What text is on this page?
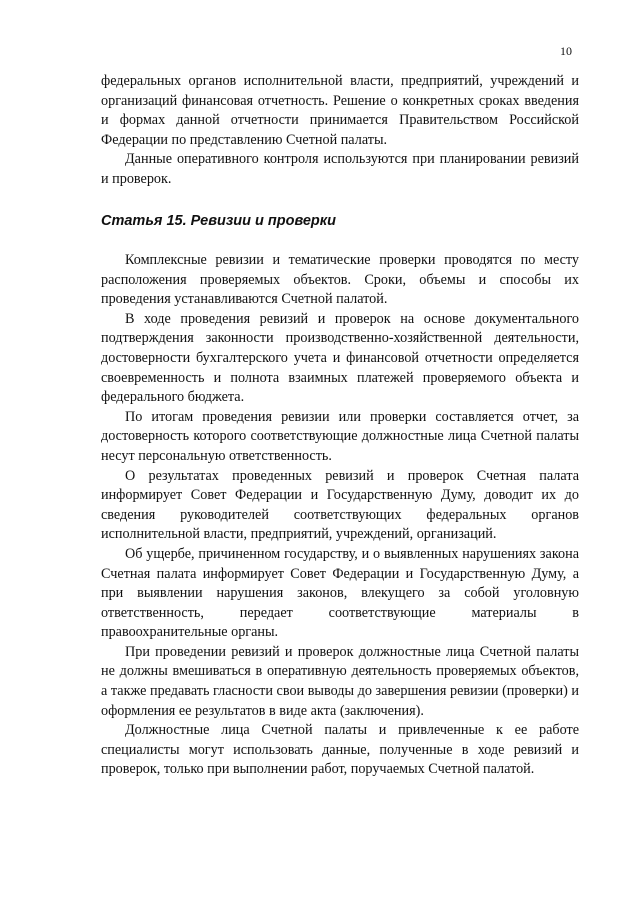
10

федеральных органов исполнительной власти, предприятий, учреждений и организаций финансовая отчетность. Решение о конкретных сроках введения и формах данной отчетности принимается Правительством Российской Федерации по представлению Счетной палаты.

Данные оперативного контроля используются при планировании ревизий и проверок.

Статья 15. Ревизии и проверки

Комплексные ревизии и тематические проверки проводятся по месту расположения проверяемых объектов. Сроки, объемы и способы их проведения устанавливаются Счетной палатой.

В ходе проведения ревизий и проверок на основе документального подтверждения законности производственно-хозяйственной деятельности, достоверности бухгалтерского учета и финансовой отчетности определяется своевременность и полнота взаимных платежей проверяемого объекта и федерального бюджета.

По итогам проведения ревизии или проверки составляется отчет, за достоверность которого соответствующие должностные лица Счетной палаты несут персональную ответственность.

О результатах проведенных ревизий и проверок Счетная палата информирует Совет Федерации и Государственную Думу, доводит их до сведения руководителей соответствующих федеральных органов исполнительной власти, предприятий, учреждений, организаций.

Об ущербе, причиненном государству, и о выявленных нарушениях закона Счетная палата информирует Совет Федерации и Государственную Думу, а при выявлении нарушения законов, влекущего за собой уголовную ответственность, передает соответствующие материалы в правоохранительные органы.

При проведении ревизий и проверок должностные лица Счетной палаты не должны вмешиваться в оперативную деятельность проверяемых объектов, а также предавать гласности свои выводы до завершения ревизии (проверки) и оформления ее результатов в виде акта (заключения).

Должностные лица Счетной палаты и привлеченные к ее работе специалисты могут использовать данные, полученные в ходе ревизий и проверок, только при выполнении работ, поручаемых Счетной палатой.
